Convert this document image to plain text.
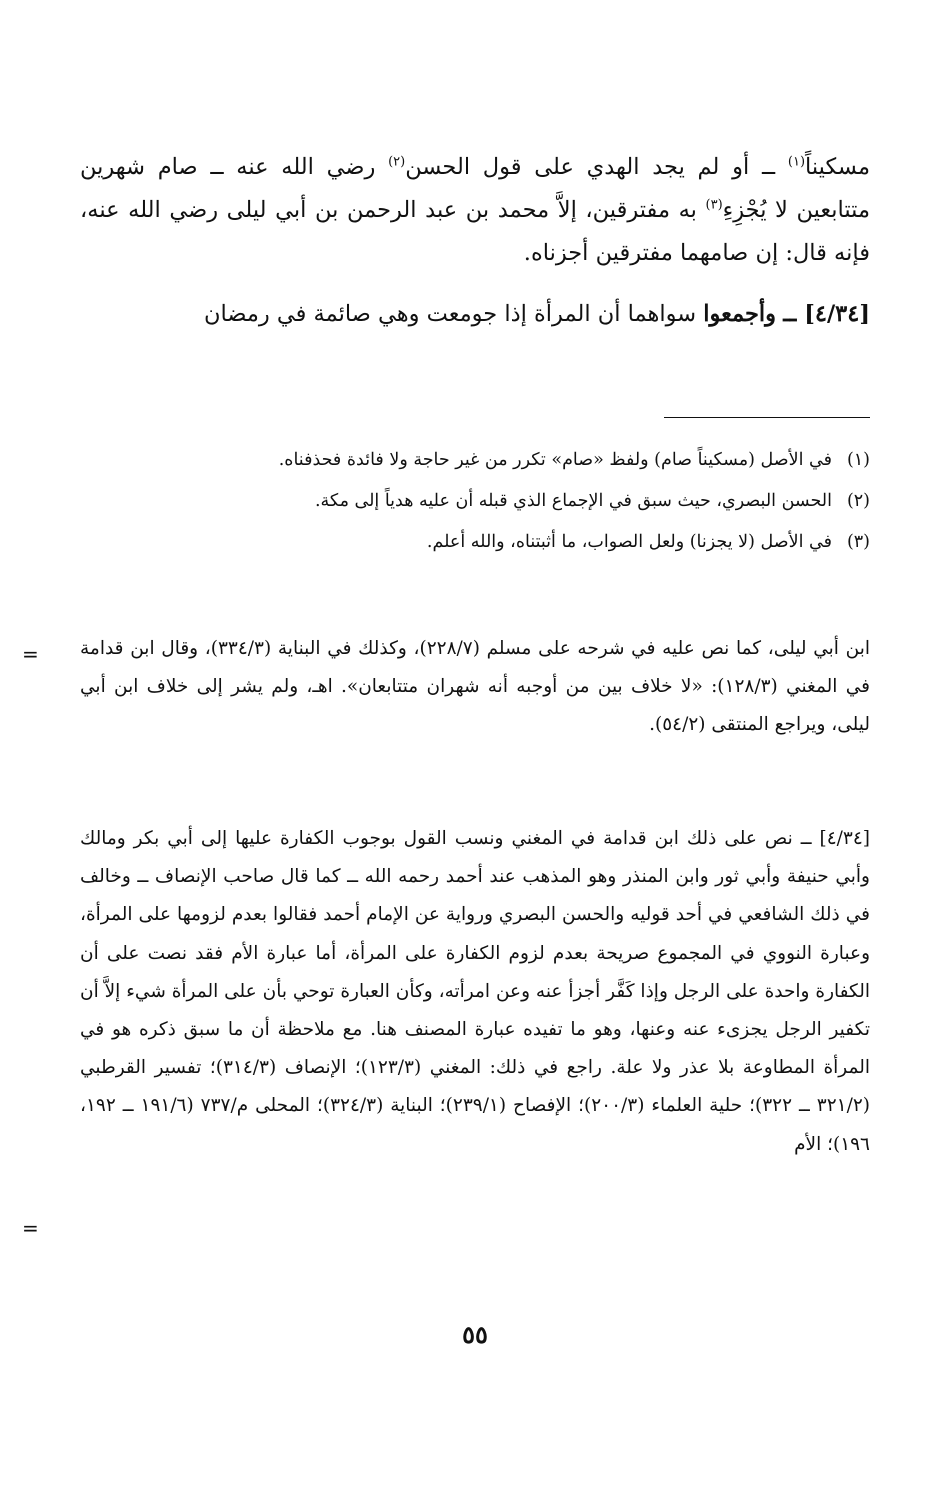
مسكيناً$^{(١)}$ ــ أو لم يجد الهدي على قول الحسن$^{(٢)}$ رضي الله عنه ــ صام شهرين متتابعين لا يُجْزِءِ$^{(٣)}$ به مفترقين، إلاَّ محمد بن عبد الرحمن بن أبي ليلى رضي الله عنه، فإنه قال: إن صامهما مفترقين أجزناه.

[٤/٣٤] ــ وأجمعوا سواهما أن المرأة إذا جومعت وهي صائمة في رمضان

(١)
في الأصل (مسكيناً صام) ولفظ «صام» تكرر من غير حاجة ولا فائدة فحذفناه.
(٢)
الحسن البصري، حيث سبق في الإجماع الذي قبله أن عليه هدياً إلى مكة.
(٣)
في الأصل (لا يجزنا) ولعل الصواب، ما أثبتناه، والله أعلم.
= ابن أبي ليلى، كما نص عليه في شرحه على مسلم (٢٢٨/٧)، وكذلك في البناية (٣٣٤/٣)، وقال ابن قدامة في المغني (١٢٨/٣): «لا خلاف بين من أوجبه أنه شهران متتابعان». اهـ، ولم يشر إلى خلاف ابن أبي ليلى، ويراجع المنتقى (٥٤/٢).
[٤/٣٤] ــ نص على ذلك ابن قدامة في المغني ونسب القول بوجوب الكفارة عليها إلى أبي بكر ومالك وأبي حنيفة وأبي ثور وابن المنذر وهو المذهب عند أحمد رحمه الله ــ كما قال صاحب الإنصاف ــ وخالف في ذلك الشافعي في أحد قوليه والحسن البصري ورواية عن الإمام أحمد فقالوا بعدم لزومها على المرأة، وعبارة النووي في المجموع صريحة بعدم لزوم الكفارة على المرأة، أما عبارة الأم فقد نصت على أن الكفارة واحدة على الرجل وإذا كَفَّر أجزأ عنه وعن امرأته، وكأن العبارة توحي بأن على المرأة شيء إلاَّ أن تكفير الرجل يجزىء عنه وعنها، وهو ما تفيده عبارة المصنف هنا. مع ملاحظة أن ما سبق ذكره هو في المرأة المطاوعة بلا عذر ولا علة. راجع في ذلك: المغني (١٢٣/٣)؛ الإنصاف (٣١٤/٣)؛ تفسير القرطبي (٣٢١/٢ ــ ٣٢٢)؛ حلية العلماء (٢٠٠/٣)؛ الإفصاح (٢٣٩/١)؛ البناية (٣٢٤/٣)؛ المحلى م/٧٣٧ (١٩١/٦ ــ ١٩٢، ١٩٦)؛ الأم
=
٥٥
